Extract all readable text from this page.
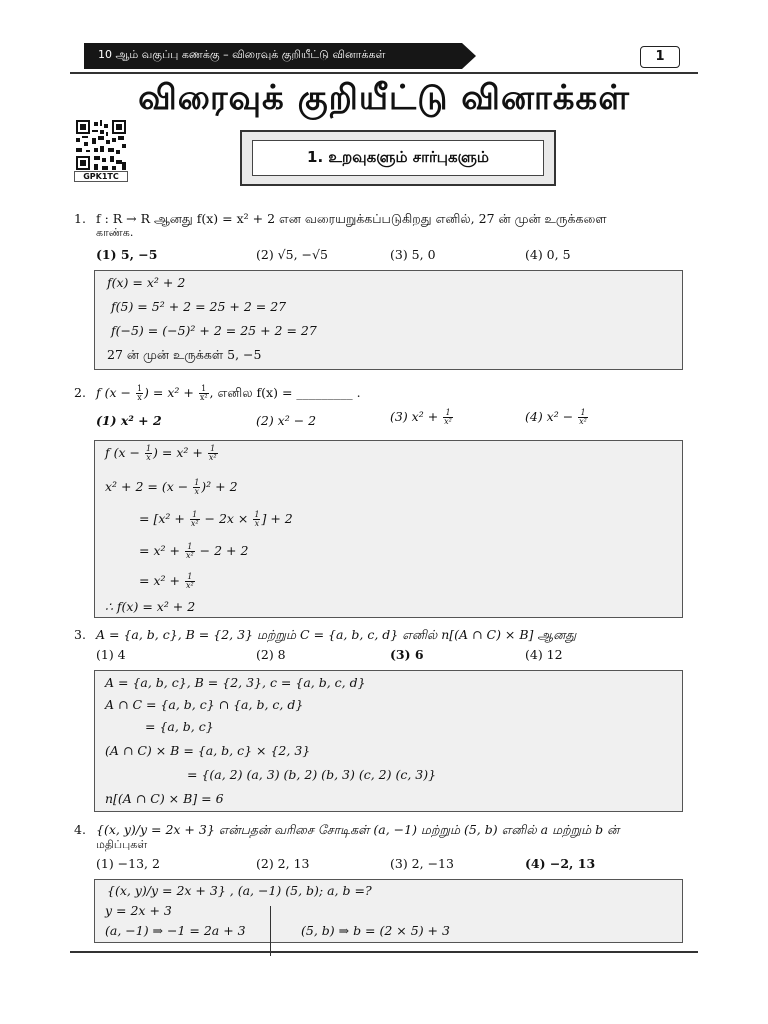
10 ஆம் வகுப்பு கணக்கு – விரைவுக் குறியீட்டு வினாக்கள்	1
விரைவுக் குறியீட்டு வினாக்கள்
GPK1TC
1. உறவுகளும் சார்புகளும்
1. f : R → R ஆனது f(x) = x² + 2 என வரையறுக்கப்படுகிறது எனில், 27 ன் முன் உருக்களை
காண்க.
(1) 5, −5	(2) √5, −√5	(3) 5, 0	(4) 0, 5
f(x) = x² + 2
f(5) = 5² + 2 = 25 + 2 = 27
f(−5) = (−5)² + 2 = 25 + 2 = 27
27 ன் முன் உருக்கள் 5, −5
2. f ($x - \frac{1}{x}$ ) = $x^2 + \frac{1}{\text{x²}}$ , எனில f(x) = _________ .
(1) x² + 2	(2) x² − 2	(3) $x^2 + \frac{1}{\text{x²}}$	(4) $x^2 - \frac{1}{\text{x²}}$
f ($x - \frac{1}{x}$ ) = $x^2 + \frac{1}{\text{x²}}$
$x^2 + 2 = (x - \frac{1}{x} )^2 + 2$
= [$x^2 + \frac{1}{\text{x²}} - 2x \times \frac{1}{x}$ ] + 2
= $x^2 + \frac{1}{\text{x²}} - 2 + 2$
= $x^2 + \frac{1}{\text{x²}}$
∴ f(x) = x² + 2
3. A = {a, b, c}, B = {2, 3} மற்றும் C = {a, b, c, d} எனில் n[(A ∩ C) × B] ஆனது
(1) 4	(2) 8	(3) 6	(4) 12
A = {a, b, c}, B = {2, 3}, c = {a, b, c, d}
A ∩ C = {a, b, c} ∩ {a, b, c, d}
= {a, b, c}
(A ∩ C) × B = {a, b, c} × {2, 3}
= {(a, 2) (a, 3) (b, 2) (b, 3) (c, 2) (c, 3)}
n[(A ∩ C) × B] = 6
4. {(x, y)/y = 2x + 3} என்பதன் வரிசை சோடிகள் (a, −1) மற்றும் (5, b) எனில் a மற்றும் b ன்
மதிப்புகள்
(1) −13, 2	(2) 2, 13	(3) 2, −13	(4) −2, 13
{(x, y)/y = 2x + 3} , (a, −1) (5, b); a, b =?
y = 2x + 3
(a, −1) ⇒ −1 = 2a + 3	(5, b) ⇒ b = (2 × 5) + 3
